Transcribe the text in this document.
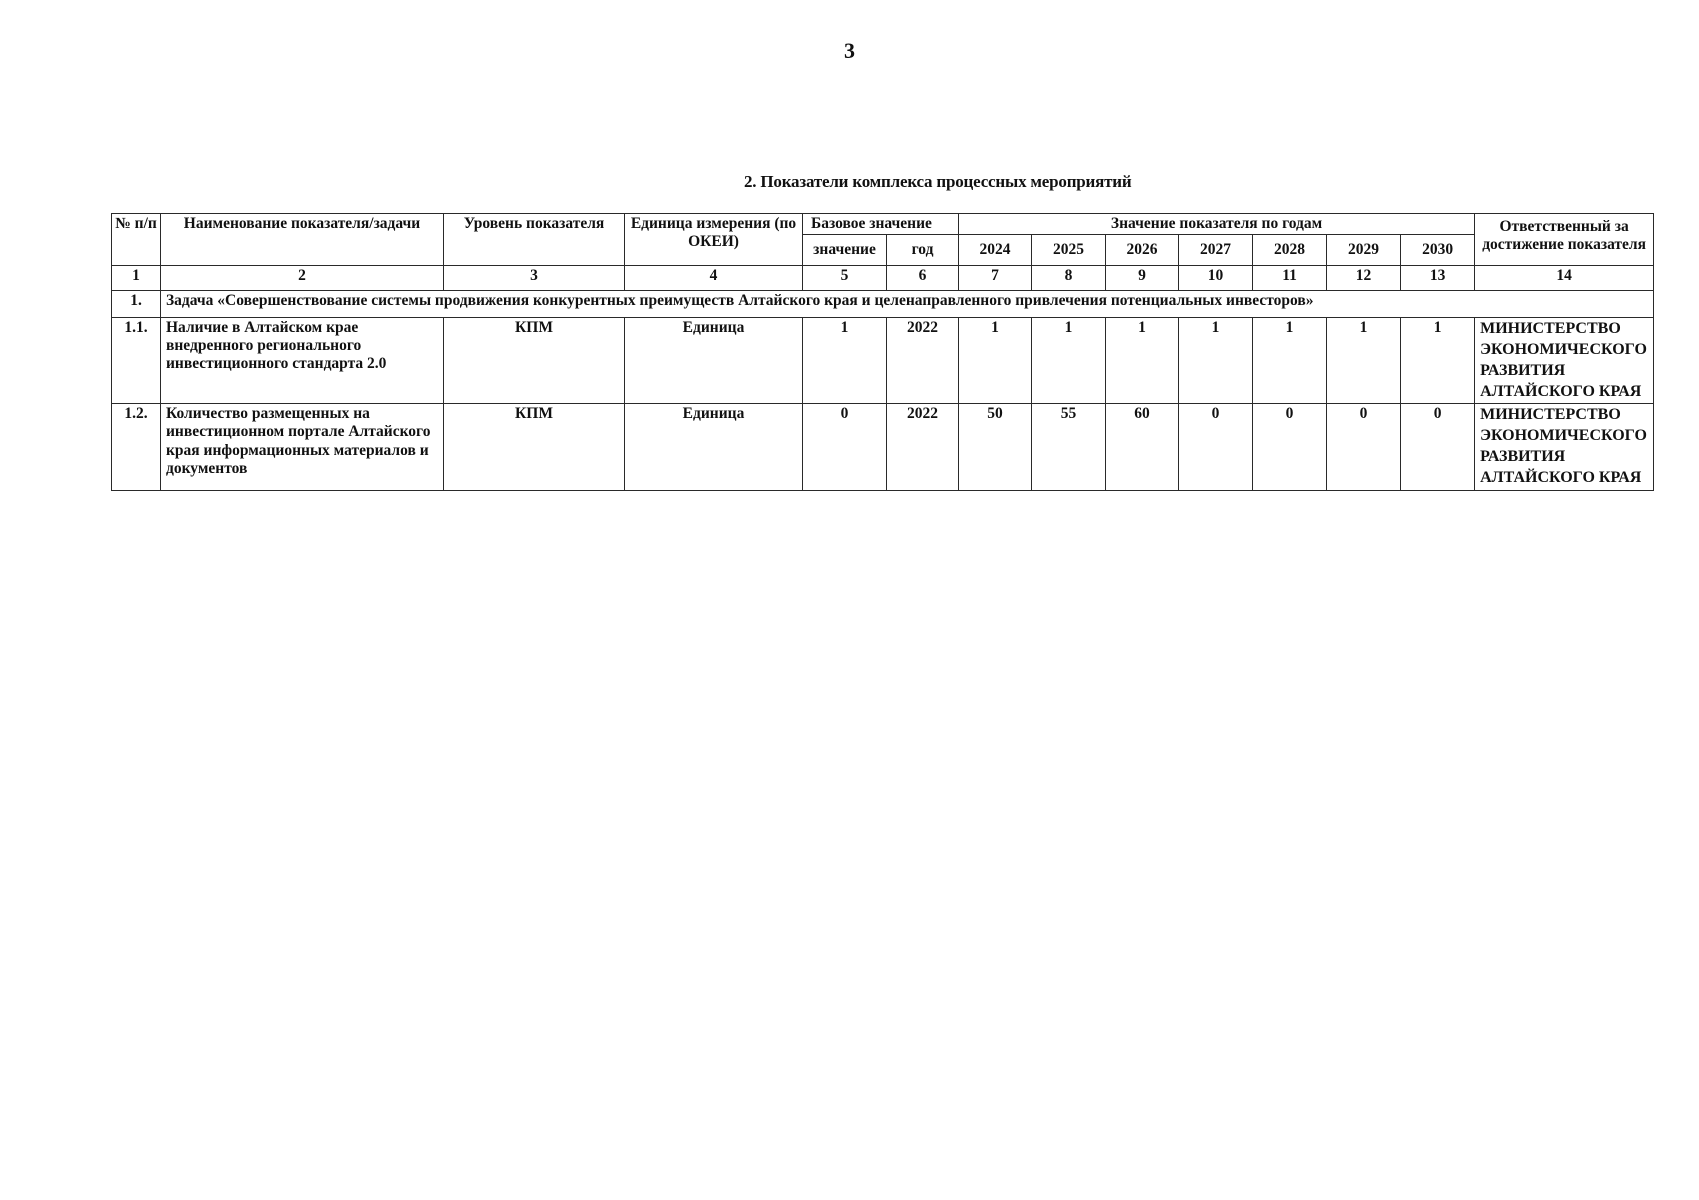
3
2. Показатели комплекса процессных мероприятий
№ п/п	Наименование показателя/задачи	Уровень показателя	Единица измерения (по ОКЕИ)	Базовое значение		Значение показателя по годам							Ответственный за достижение показателя
				значение	год	2024	2025	2026	2027	2028	2029	2030	
1	2	3	4	5	6	7	8	9	10	11	12	13	14
1.	Задача «Совершенствование системы продвижения конкурентных преимуществ Алтайского края и целенаправленного привлечения потенциальных инвесторов»												
1.1.	Наличие в Алтайском крае внедренного регионального инвестиционного стандарта 2.0	КПМ	Единица	1	2022	1	1	1	1	1	1	1	МИНИСТЕРСТВО ЭКОНОМИЧЕСКОГО РАЗВИТИЯ АЛТАЙСКОГО КРАЯ
1.2.	Количество размещенных на инвестиционном портале Алтайского края информационных материалов и документов	КПМ	Единица	0	2022	50	55	60	0	0	0	0	МИНИСТЕРСТВО ЭКОНОМИЧЕСКОГО РАЗВИТИЯ АЛТАЙСКОГО КРАЯ
